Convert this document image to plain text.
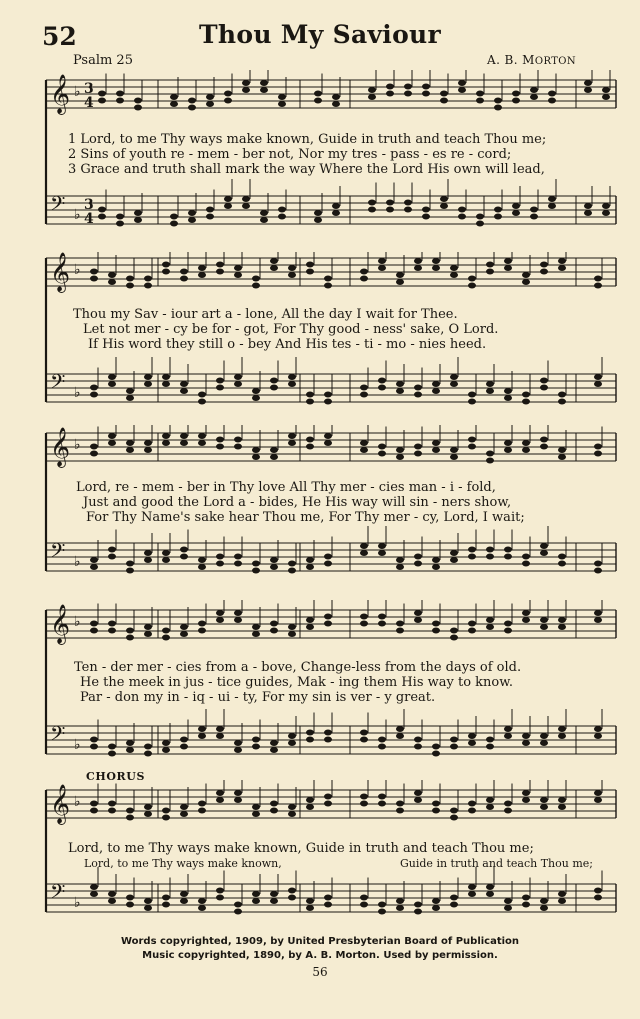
52	Thou My Saviour
Psalm 25	A. B. MORTON
𝄞 ♭ 3
4
𝄢 ♭
3
4
1 Lord, to me Thy ways make known, Guide in truth and teach Thou me;
2 Sins of youth re - mem - ber not, Nor my tres - pass - es re - cord;
3 Grace and truth shall mark the way Where the Lord His own will lead,
𝄞 ♭
𝄢 ♭
Thou my Sav - iour art a - lone, All the day I wait for Thee.
Let not mer - cy be for - got, For Thy good - ness' sake, O Lord.
If His word they still o - bey And His tes - ti - mo - nies heed.
𝄞 ♭
𝄢 ♭
Lord, re - mem - ber in Thy love All Thy mer - cies man - i - fold,
Just and good the Lord a - bides, He His way will sin - ners show,
For Thy Name's sake hear Thou me, For Thy mer - cy, Lord, I wait;
𝄞 ♭
𝄢 ♭
Ten - der mer - cies from a - bove, Change-less from the days of old.
He the meek in jus - tice guides, Mak - ing them His way to know.
Par - don my in - iq - ui - ty, For my sin is ver - y great.
CHORUS
𝄞 ♭
𝄢 ♭
Lord, to me Thy ways make known, Guide in truth and teach Thou me;
Lord, to me Thy ways make known,	Guide in truth and teach Thou me;
Words copyrighted, 1909, by United Presbyterian Board of Publication
Music copyrighted, 1890, by A. B. Morton. Used by permission.
56
